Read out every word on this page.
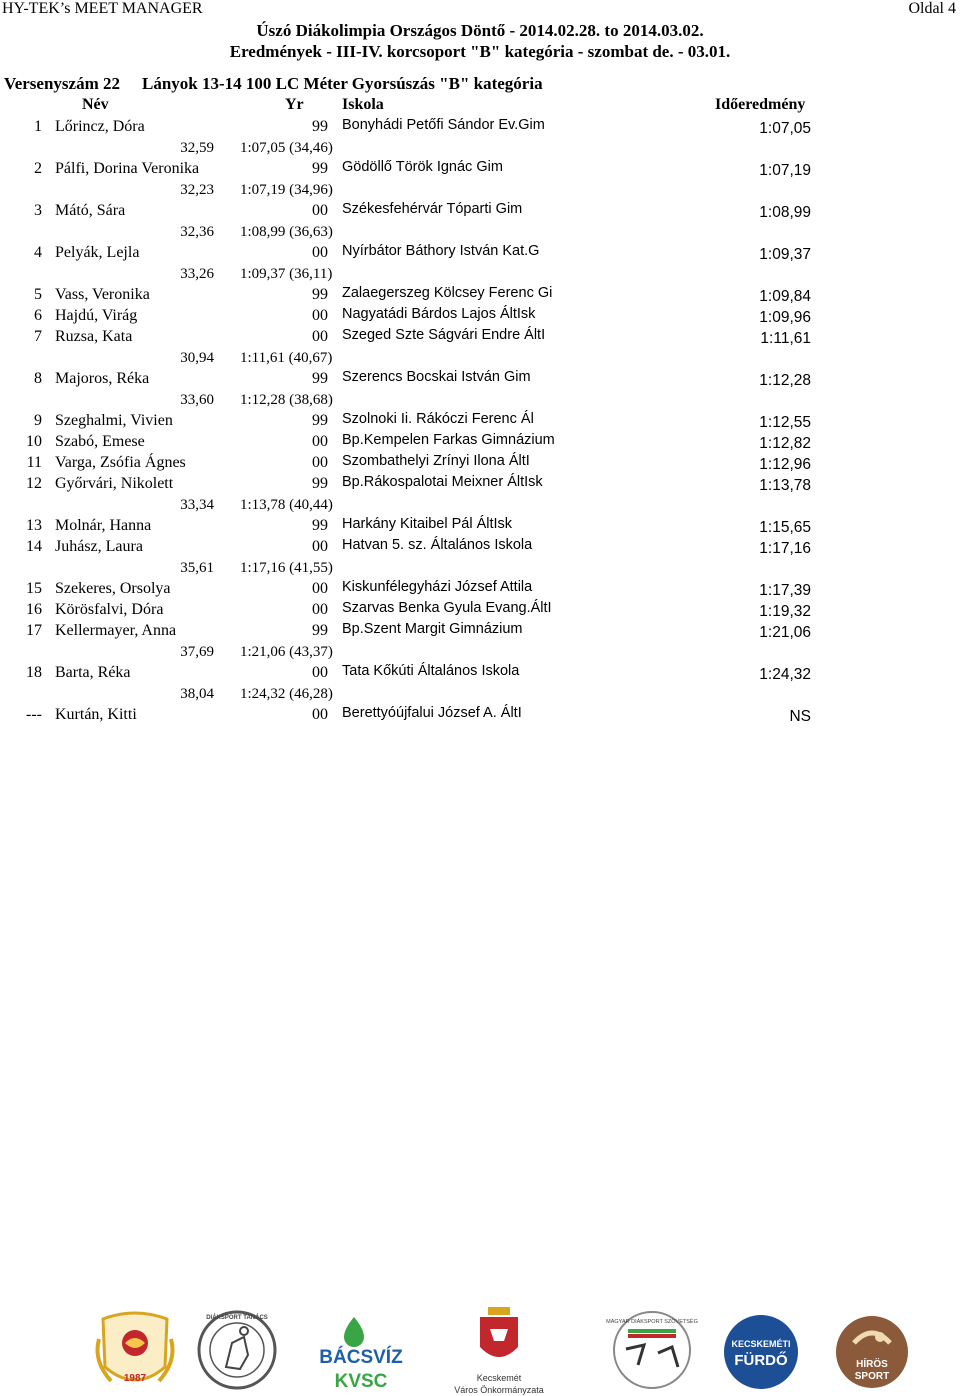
HY-TEK’s MEET MANAGER	Oldal 4
Úszó Diákolimpia Országos Döntő - 2014.02.28. to 2014.03.02.
Eredmények - III-IV. korcsoport "B" kategória - szombat de. - 03.01.
Versenyszám 22 Lányok 13-14 100 LC Méter Gyorsúszás "B" kategória
Név	Yr Iskola	Időeredmény
1 Lőrincz, Dóra	99 Bonyhádi Petőfi Sándor Ev.Gim	1:07,05
32,59 1:07,05 (34,46)
2 Pálfi, Dorina Veronika	99 Gödöllő Török Ignác Gim	1:07,19
32,23 1:07,19 (34,96)
3 Mátó, Sára	00 Székesfehérvár Tóparti Gim	1:08,99
32,36 1:08,99 (36,63)
4 Pelyák, Lejla	00 Nyírbátor Báthory István Kat.G	1:09,37
33,26 1:09,37 (36,11)
5 Vass, Veronika	99 Zalaegerszeg Kölcsey Ferenc Gi	1:09,84
6 Hajdú, Virág	00 Nagyatádi Bárdos Lajos ÁltIsk	1:09,96
7 Ruzsa, Kata	00 Szeged Szte Ságvári Endre ÁltI	1:11,61
30,94 1:11,61 (40,67)
8 Majoros, Réka	99 Szerencs Bocskai István Gim	1:12,28
33,60 1:12,28 (38,68)
9 Szeghalmi, Vivien	99 Szolnoki Ii. Rákóczi Ferenc Ál	1:12,55
10 Szabó, Emese	00 Bp.Kempelen Farkas Gimnázium	1:12,82
11 Varga, Zsófia Ágnes	00 Szombathelyi Zrínyi Ilona ÁltI	1:12,96
12 Győrvári, Nikolett	99 Bp.Rákospalotai Meixner ÁltIsk	1:13,78
33,34 1:13,78 (40,44)
13 Molnár, Hanna	99 Harkány Kitaibel Pál ÁltIsk	1:15,65
14 Juhász, Laura	00 Hatvan 5. sz. Általános Iskola	1:17,16
35,61 1:17,16 (41,55)
15 Szekeres, Orsolya	00 Kiskunfélegyházi József Attila	1:17,39
16 Körösfalvi, Dóra	00 Szarvas Benka Gyula Evang.ÁltI	1:19,32
17 Kellermayer, Anna	99 Bp.Szent Margit Gimnázium	1:21,06
37,69 1:21,06 (43,37)
18 Barta, Réka	00 Tata Kőkúti Általános Iskola	1:24,32
38,04 1:24,32 (46,28)
--- Kurtán, Kitti	00 Berettyóújfalui József A. ÁltI	NS
1987
DIÁKSPORT TANÁCS
BÁCSVÍZ
KVSC	Kecskemét
Város Önkormányzata
MAGYAR DIÁKSPORT SZÖVETSÉG
KECSKEMÉTI
FÜRDŐ	HÍRÖS
SPORT
